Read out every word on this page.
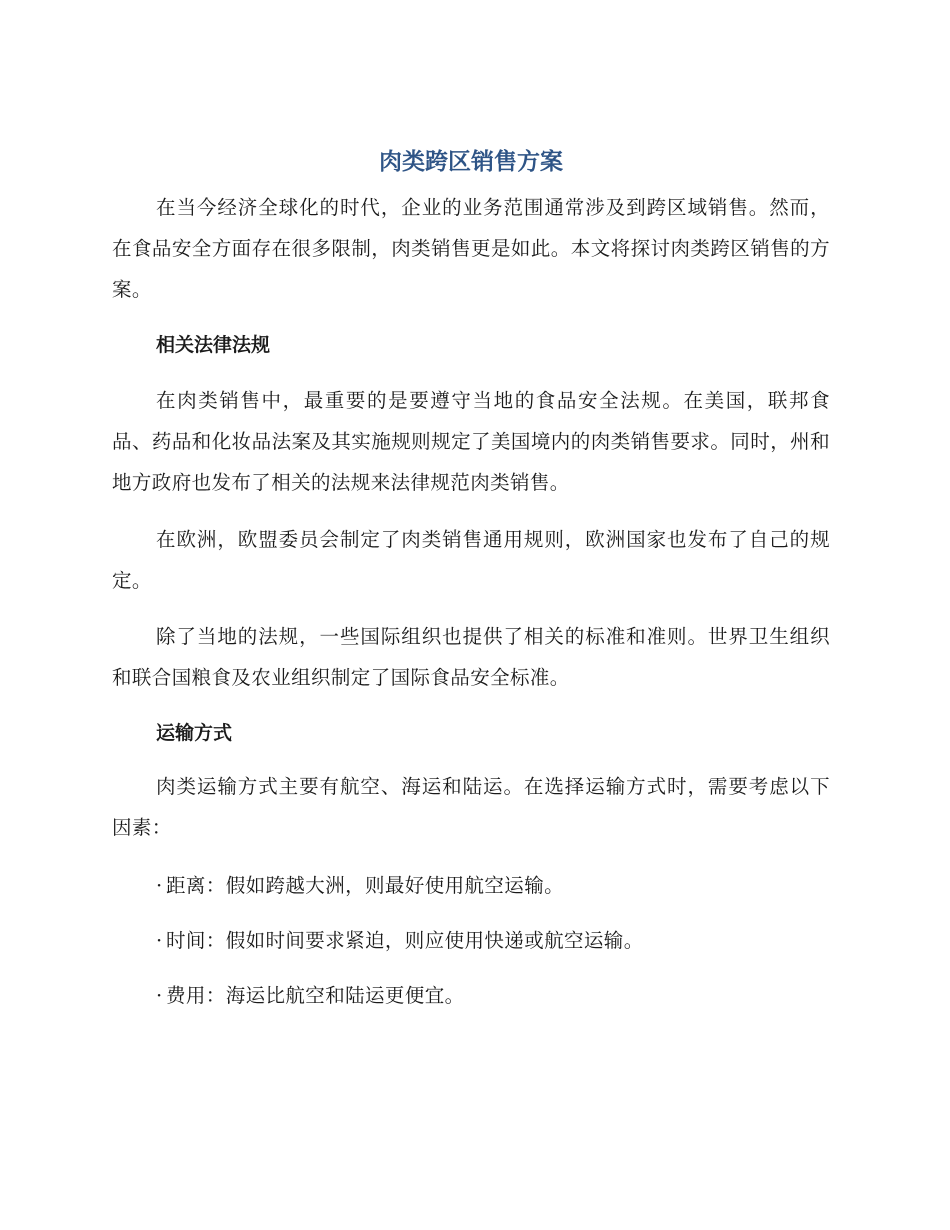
肉类跨区销售方案

在当今经济全球化的时代，企业的业务范围通常涉及到跨区域销售。然而，在食品安全方面存在很多限制，肉类销售更是如此。本文将探讨肉类跨区销售的方案。

相关法律法规

在肉类销售中，最重要的是要遵守当地的食品安全法规。在美国，联邦食品、药品和化妆品法案及其实施规则规定了美国境内的肉类销售要求。同时，州和地方政府也发布了相关的法规来法律规范肉类销售。

在欧洲，欧盟委员会制定了肉类销售通用规则，欧洲国家也发布了自己的规定。

除了当地的法规，一些国际组织也提供了相关的标准和准则。世界卫生组织和联合国粮食及农业组织制定了国际食品安全标准。

运输方式

肉类运输方式主要有航空、海运和陆运。在选择运输方式时，需要考虑以下因素：

· 距离：假如跨越大洲，则最好使用航空运输。

· 时间：假如时间要求紧迫，则应使用快递或航空运输。

· 费用：海运比航空和陆运更便宜。
